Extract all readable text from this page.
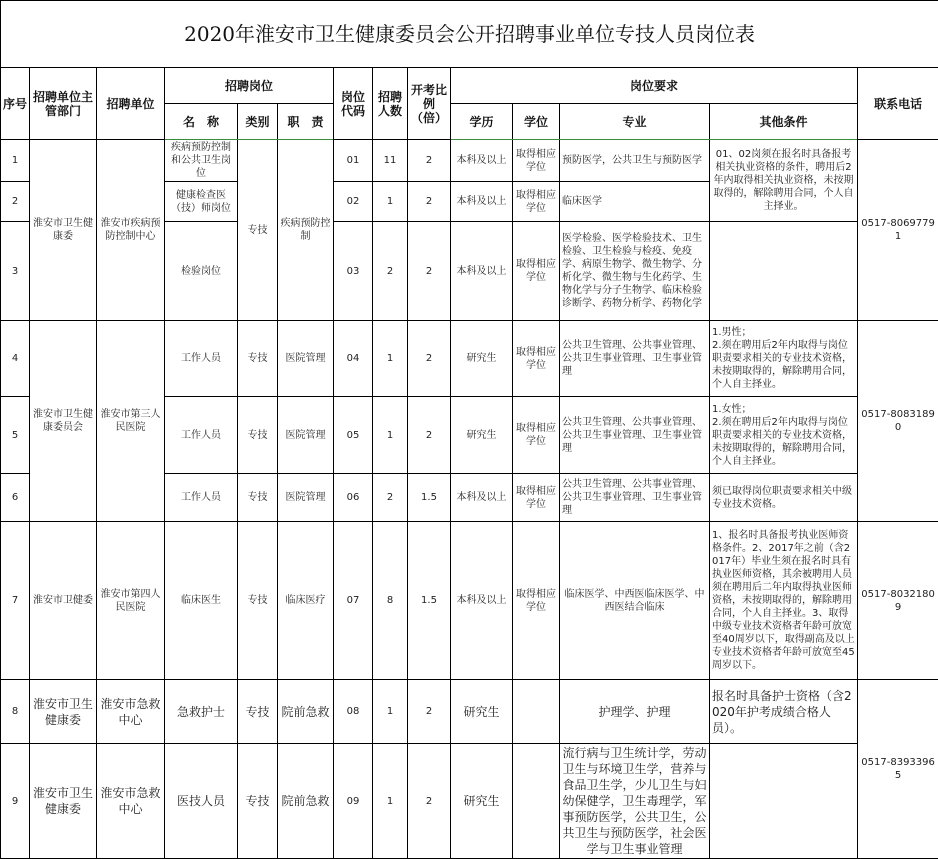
2020年淮安市卫生健康委员会公开招聘事业单位专技人员岗位表													
序号	招聘单位主管部门	招聘单位	招聘岗位			岗位代码	招聘人数	开考比例（倍）	岗位要求				联系电话
			名　称	类别	职　责				学历	学位	专业	其他条件	
1	淮安市卫生健康委	淮安市疾病预防控制中心	疾病预防控制和公共卫生岗位	专技	疾病预防控制	01	11	2	本科及以上	取得相应学位	预防医学，公共卫生与预防医学	01、02岗须在报名时具备报考相关执业资格的条件，聘用后2年内取得相关执业资格，未按期取得的，解除聘用合同，个人自主择业。	0517-80697791
2			健康检查医（技）师岗位			02	1	2	本科及以上	取得相应学位	临床医学		
3			检验岗位			03	2	2	本科及以上	取得相应学位	医学检验、医学检验技术、卫生检验、卫生检验与检疫、免疫学、病原生物学、微生物学、分析化学、微生物与生化药学、生物化学与分子生物学、临床检验诊断学、药物分析学、药物化学		
4	淮安市卫生健康委员会	淮安市第三人民医院	工作人员	专技	医院管理	04	1	2	研究生	取得相应学位	公共卫生管理、公共事业管理、公共卫生事业管理、卫生事业管理	1.男性；
2.须在聘用后2年内取得与岗位职责要求相关的专业技术资格，未按期取得的，解除聘用合同，个人自主择业。	0517-80831890
5			工作人员	专技	医院管理	05	1	2	研究生	取得相应学位	公共卫生管理、公共事业管理、公共卫生事业管理、卫生事业管理	1.女性；
2.须在聘用后2年内取得与岗位职责要求相关的专业技术资格，未按期取得的，解除聘用合同，个人自主择业。	
6			工作人员	专技	医院管理	06	2	1.5	本科及以上	取得相应学位	公共卫生管理、公共事业管理、公共卫生事业管理、卫生事业管理	须已取得岗位职责要求相关中级专业技术资格。	
7	淮安市卫健委	淮安市第四人民医院	临床医生	专技	临床医疗	07	8	1.5	本科及以上	取得相应学位	临床医学、中西医临床医学、中西医结合临床	1、报名时具备报考执业医师资格条件。2、2017年之前（含2017年）毕业生须在报名时具有执业医师资格，其余被聘用人员须在聘用后二年内取得执业医师资格，未按期取得的，解除聘用合同，个人自主择业。3、取得中级专业技术资格者年龄可放宽至40周岁以下，取得副高及以上专业技术资格者年龄可放宽至45周岁以下。	0517-80321809
8	淮安市卫生健康委	淮安市急救中心	急救护士	专技	院前急救	08	1	2	研究生		护理学、护理	报名时具备护士资格（含2020年护考成绩合格人员）。	0517-83933965
9	淮安市卫生健康委	淮安市急救中心	医技人员	专技	院前急救	09	1	2	研究生		流行病与卫生统计学，劳动卫生与环境卫生学，营养与食品卫生学，少儿卫生与妇幼保健学，卫生毒理学，军事预防医学，公共卫生，公共卫生与预防医学，社会医学与卫生事业管理		
